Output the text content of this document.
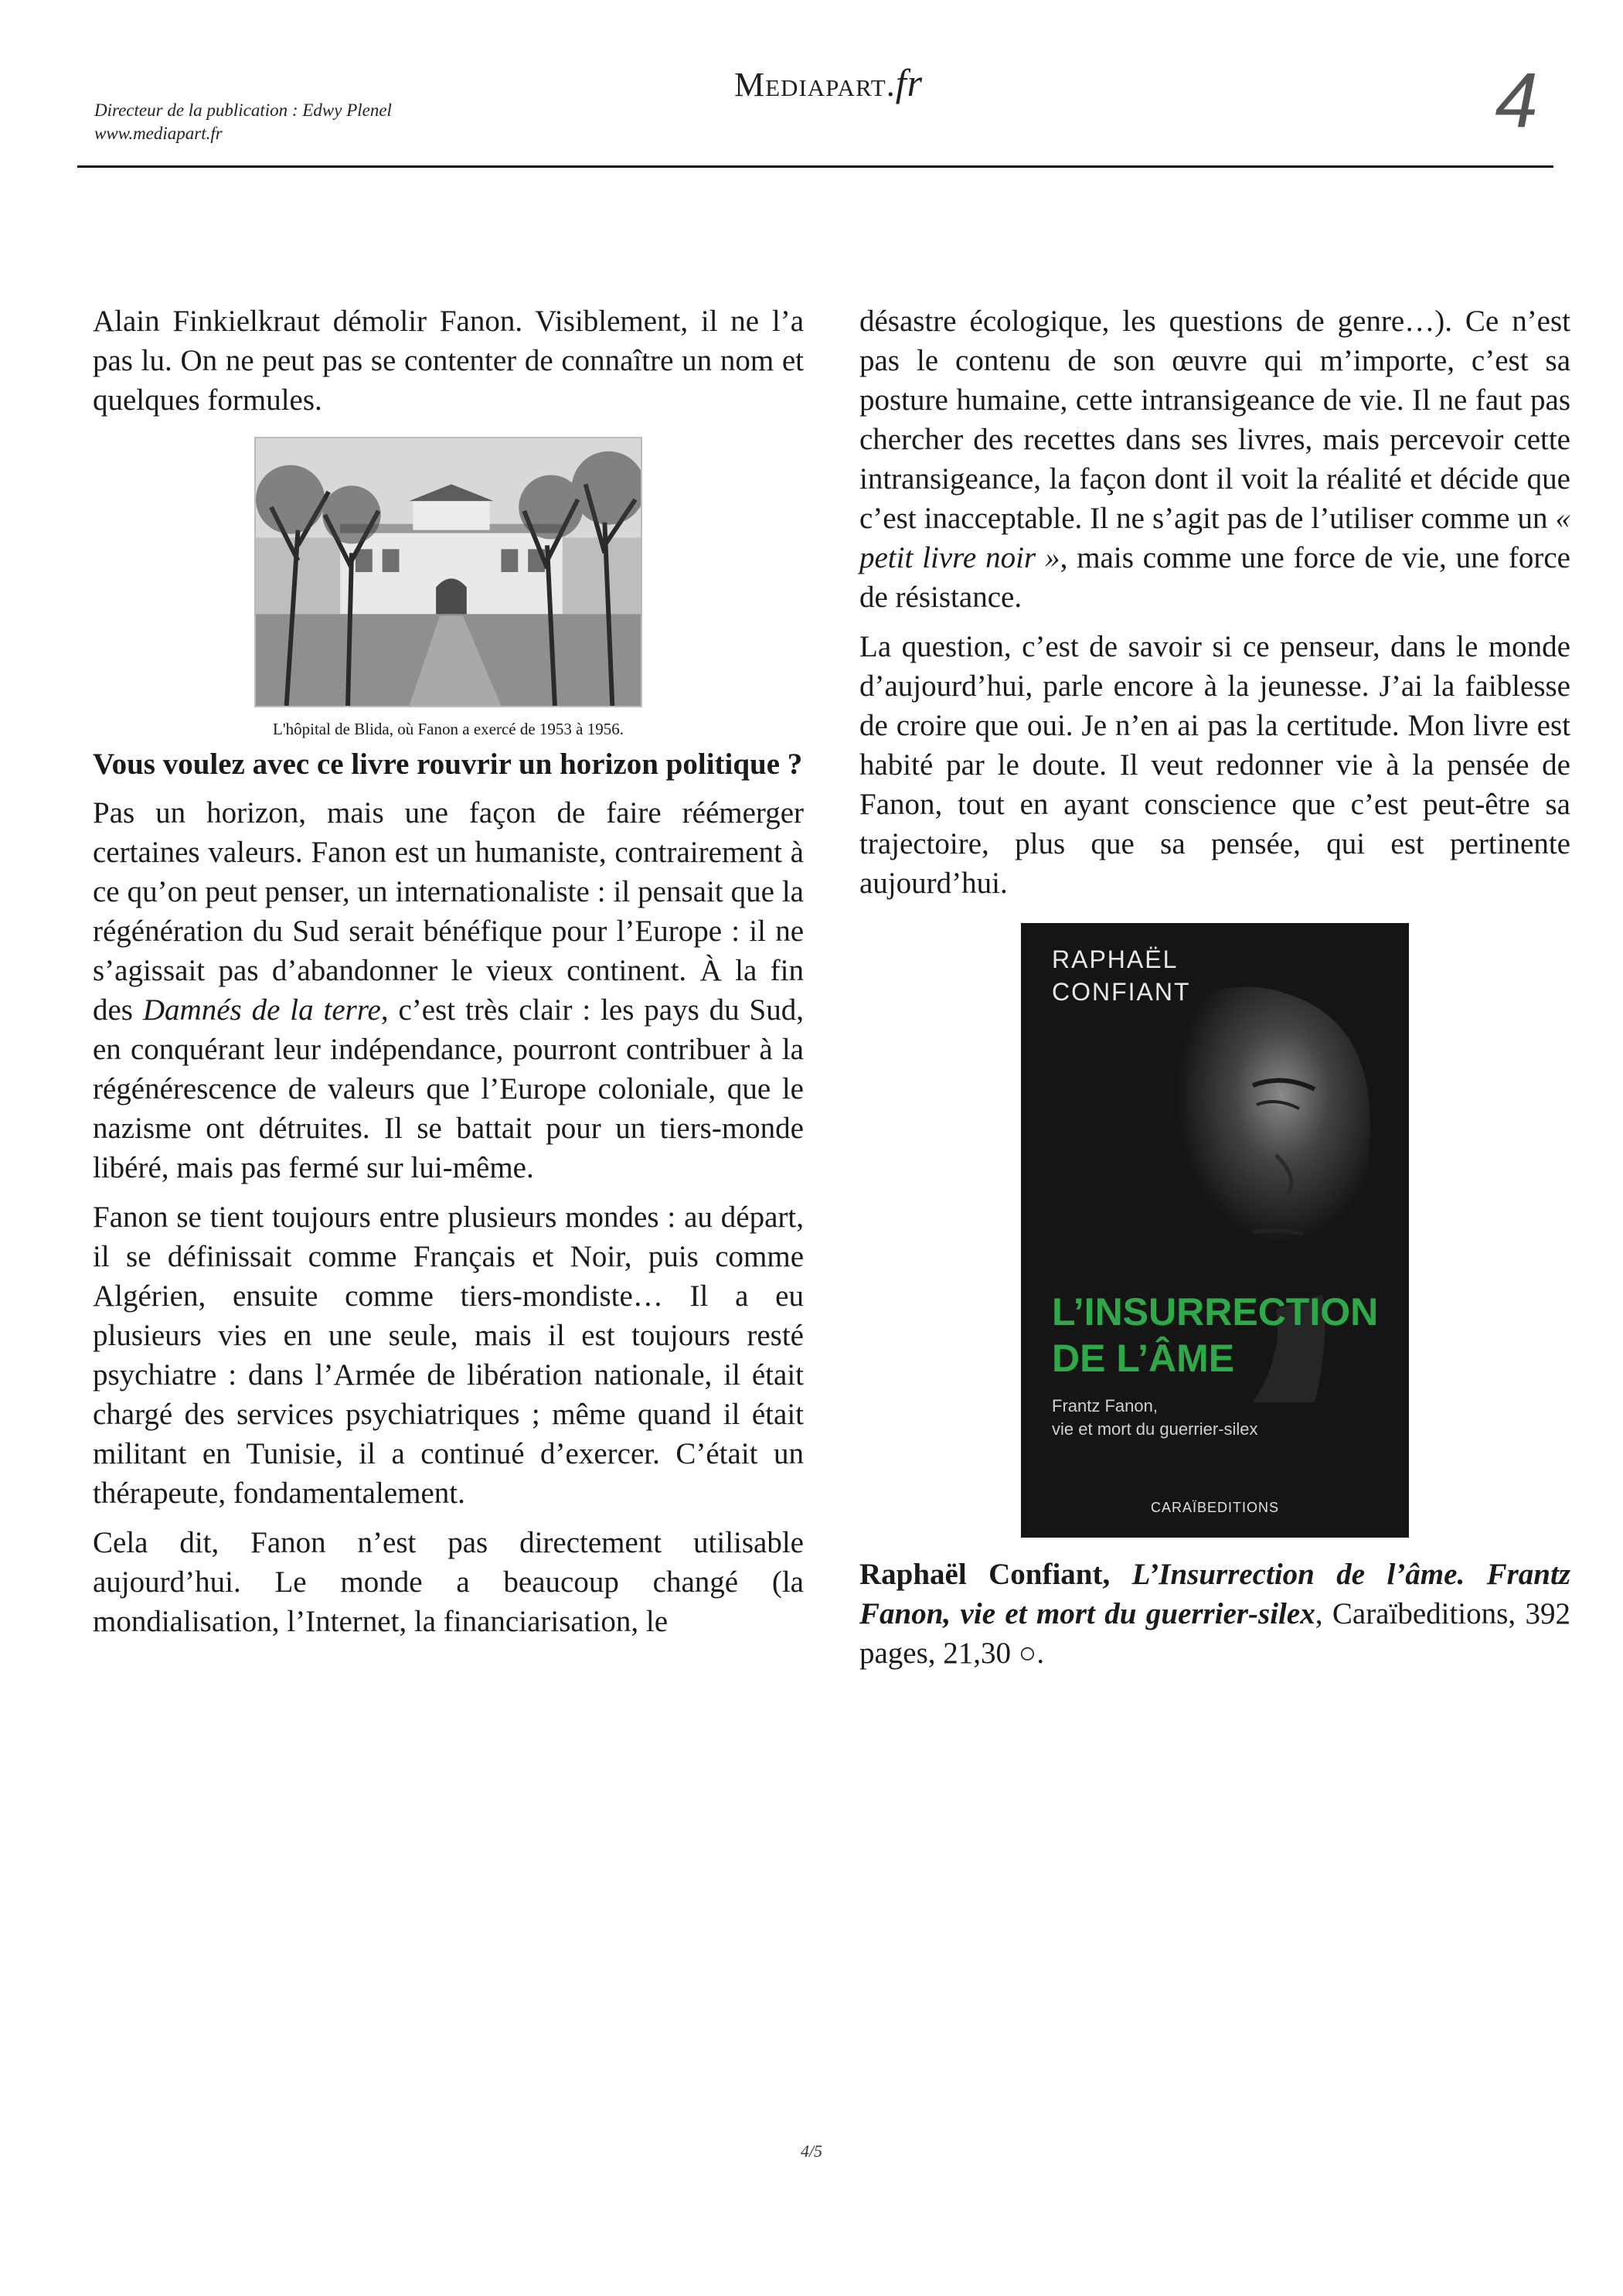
Directeur de la publication : Edwy Plenel
www.mediapart.fr
Mediapart.fr	4

Alain Finkielkraut démolir Fanon. Visiblement, il ne l’a pas lu. On ne peut pas se contenter de connaître un nom et quelques formules.

L'hôpital de Blida, où Fanon a exercé de 1953 à 1956.
Vous voulez avec ce livre rouvrir un horizon politique ?

Pas un horizon, mais une façon de faire réémerger certaines valeurs. Fanon est un humaniste, contrairement à ce qu’on peut penser, un internationaliste : il pensait que la régénération du Sud serait bénéfique pour l’Europe : il ne s’agissait pas d’abandonner le vieux continent. À la fin des Damnés de la terre, c’est très clair : les pays du Sud, en conquérant leur indépendance, pourront contribuer à la régénérescence de valeurs que l’Europe coloniale, que le nazisme ont détruites. Il se battait pour un tiers-monde libéré, mais pas fermé sur lui-même.

Fanon se tient toujours entre plusieurs mondes : au départ, il se définissait comme Français et Noir, puis comme Algérien, ensuite comme tiers-mondiste… Il a eu plusieurs vies en une seule, mais il est toujours resté psychiatre : dans l’Armée de libération nationale, il était chargé des services psychiatriques ; même quand il était militant en Tunisie, il a continué d’exercer. C’était un thérapeute, fondamentalement.

Cela dit, Fanon n’est pas directement utilisable aujourd’hui. Le monde a beaucoup changé (la mondialisation, l’Internet, la financiarisation, le

désastre écologique, les questions de genre…). Ce n’est pas le contenu de son œuvre qui m’importe, c’est sa posture humaine, cette intransigeance de vie. Il ne faut pas chercher des recettes dans ses livres, mais percevoir cette intransigeance, la façon dont il voit la réalité et décide que c’est inacceptable. Il ne s’agit pas de l’utiliser comme un « petit livre noir », mais comme une force de vie, une force de résistance.

La question, c’est de savoir si ce penseur, dans le monde d’aujourd’hui, parle encore à la jeunesse. J’ai la faiblesse de croire que oui. Je n’en ai pas la certitude. Mon livre est habité par le doute. Il veut redonner vie à la pensée de Fanon, tout en ayant conscience que c’est peut-être sa trajectoire, plus que sa pensée, qui est pertinente aujourd’hui.

RAPHAËL
CONFIANT
L’INSURRECTION
DE L’ÂME
Frantz Fanon,
vie et mort du guerrier-silex
CARAÏBEDITIONS
Raphaël Confiant, L’Insurrection de l’âme. Frantz Fanon, vie et mort du guerrier-silex, Caraïbeditions, 392 pages, 21,30 ○.
4/5
